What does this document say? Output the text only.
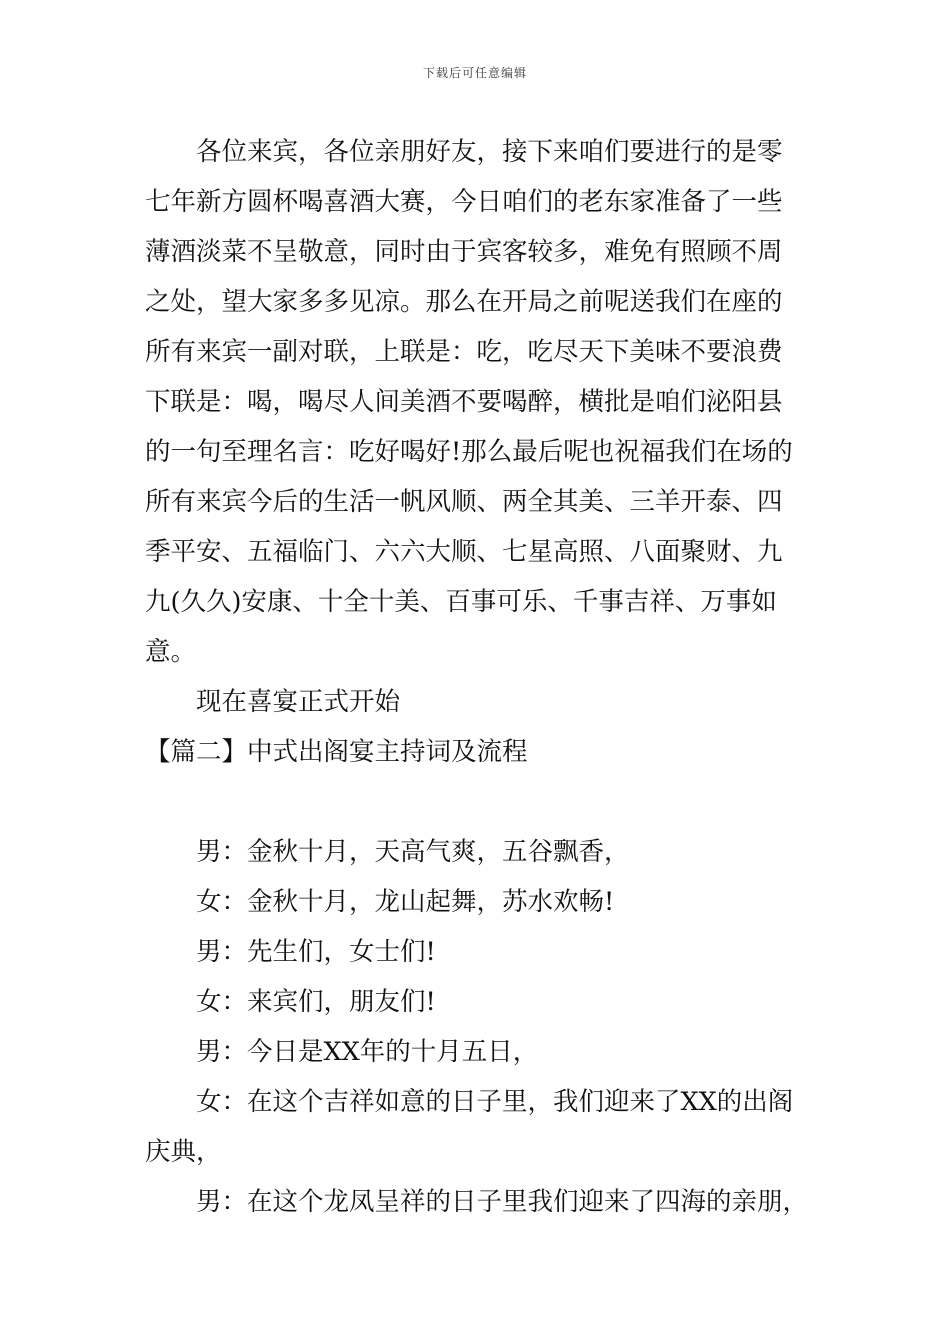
下载后可任意编辑

各位来宾，各位亲朋好友，接下来咱们要进行的是零

七年新方圆杯喝喜酒大赛，今日咱们的老东家准备了一些

薄酒淡菜不呈敬意，同时由于宾客较多，难免有照顾不周

之处，望大家多多见凉。那么在开局之前呢送我们在座的

所有来宾一副对联，上联是：吃，吃尽天下美味不要浪费

下联是：喝，喝尽人间美酒不要喝醉，横批是咱们泌阳县

的一句至理名言：吃好喝好!那么最后呢也祝福我们在场的

所有来宾今后的生活一帆风顺、两全其美、三羊开泰、四

季平安、五福临门、六六大顺、七星高照、八面聚财、九

九(久久)安康、十全十美、百事可乐、千事吉祥、万事如

意。

现在喜宴正式开始

【篇二】中式出阁宴主持词及流程

男：金秋十月，天高气爽，五谷飘香，

女：金秋十月，龙山起舞，苏水欢畅!

男：先生们，女士们!

女：来宾们，朋友们!

男：今日是XX年的十月五日，

女：在这个吉祥如意的日子里，我们迎来了XX的出阁

庆典，

男：在这个龙凤呈祥的日子里我们迎来了四海的亲朋，
